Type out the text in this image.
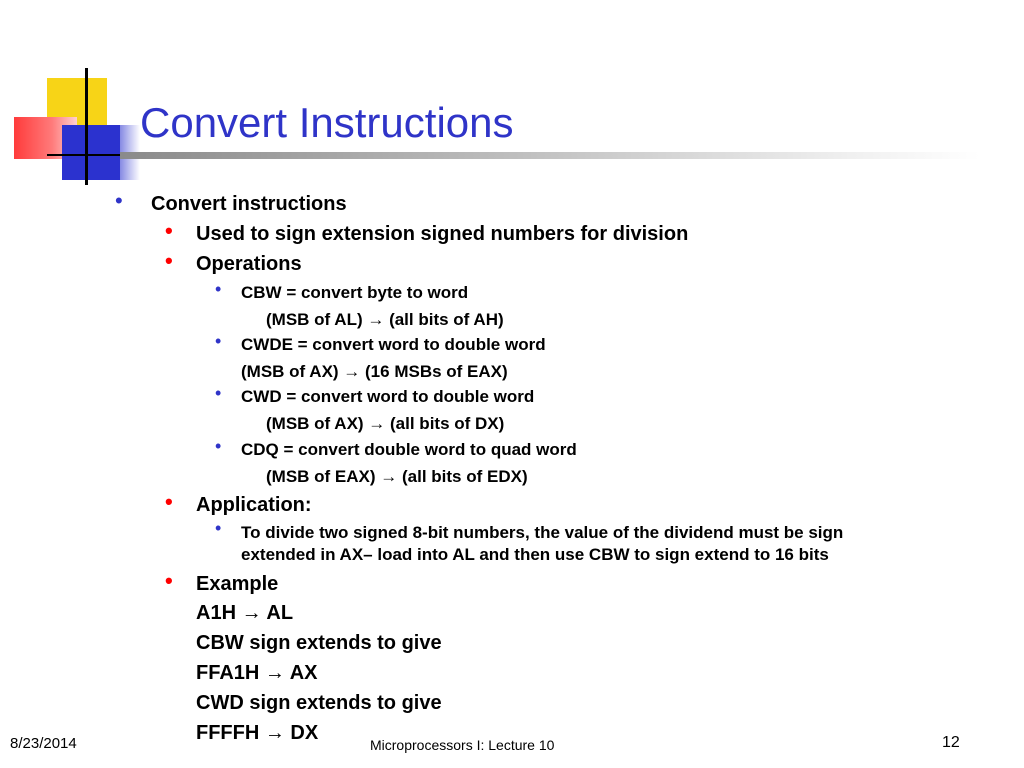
Convert Instructions
• Convert instructions
• Used to sign extension signed numbers for division
• Operations
• CBW = convert byte to word
(MSB of AL) → (all bits of AH)
• CWDE = convert word to double word
(MSB of AX) → (16 MSBs of EAX)
• CWD = convert word to double word
(MSB of AX) → (all bits of DX)
• CDQ = convert double word to quad word
(MSB of EAX) → (all bits of EDX)
• Application:
• To divide two signed 8-bit numbers, the value of the dividend must be sign
extended in AX– load into AL and then use CBW to sign extend to 16 bits
• Example
A1H → AL
CBW sign extends to give
FFA1H → AX
CWD sign extends to give
FFFFH → DX
8/23/2014	Microprocessors I: Lecture 10	12
